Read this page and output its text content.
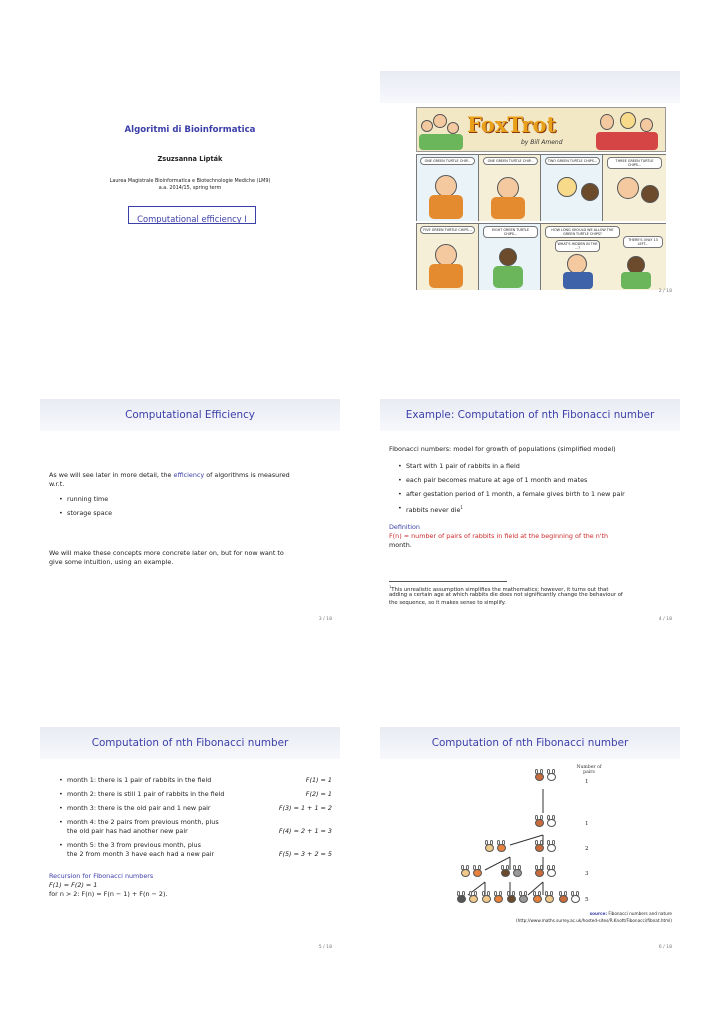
Algoritmi di Bioinformatica
Zsuzsanna Lipták
Laurea Magistrale Bioinformatica e Biotechnologie Mediche (LM9)
a.a. 2014/15, spring term
Computational efficiency I
FoxTrot
by Bill Amend
ONE GREEN TURTLE CHIP...	ONE GREEN TURTLE CHIP...	TWO GREEN TURTLE CHIPS...	THREE GREEN TURTLE CHIPS...
FIVE GREEN TURTLE CHIPS...	EIGHT GREEN TURTLE CHIPS...
HOW LONG SHOULD WE ALLOW THE GREEN TURTLE CHIPS?
WHAT'S HIDDEN IN THE ...?
THERE'S ONLY 13 LEFT...
2 / 18
Computational Efficiency
As we will see later in more detail, the efficiency of algorithms is measured
w.r.t.
• running time
• storage space
We will make these concepts more concrete later on, but for now want to
give some intuition, using an example.
3 / 18
Example: Computation of nth Fibonacci number
Fibonacci numbers: model for growth of populations (simplified model)
• Start with 1 pair of rabbits in a field
• each pair becomes mature at age of 1 month and mates
• after gestation period of 1 month, a female gives birth to 1 new pair
• rabbits never die$^1$
Definition
F(n) = number of pairs of rabbits in field at the beginning of the n'th
month.
$^1$This unrealistic assumption simplifies the mathematics; however, it turns out that
adding a certain age at which rabbits die does not significantly change the behaviour of
the sequence, so it makes sense to simplify.
4 / 18
Computation of nth Fibonacci number
• month 1: there is 1 pair of rabbits in the field	F(1) = 1
• month 2: there is still 1 pair of rabbits in the field	F(2) = 1
• month 3: there is the old pair and 1 new pair	F(3) = 1 + 1 = 2
• month 4: the 2 pairs from previous month, plus
the old pair has had another new pair	F(4) = 2 + 1 = 3
• month 5: the 3 from previous month, plus
the 2 from month 3 have each had a new pair	F(5) = 3 + 2 = 5
Recursion for Fibonacci numbers
F(1) = F(2) = 1
for n > 2: F(n) = F(n − 1) + F(n − 2).
5 / 18
Computation of nth Fibonacci number
Number of pairs
1
1
2
3
5
source: Fibonacci numbers and nature
(http://www.maths.surrey.ac.uk/hosted-sites/R.Knott/Fibonacci/fibnat.html)
6 / 18
